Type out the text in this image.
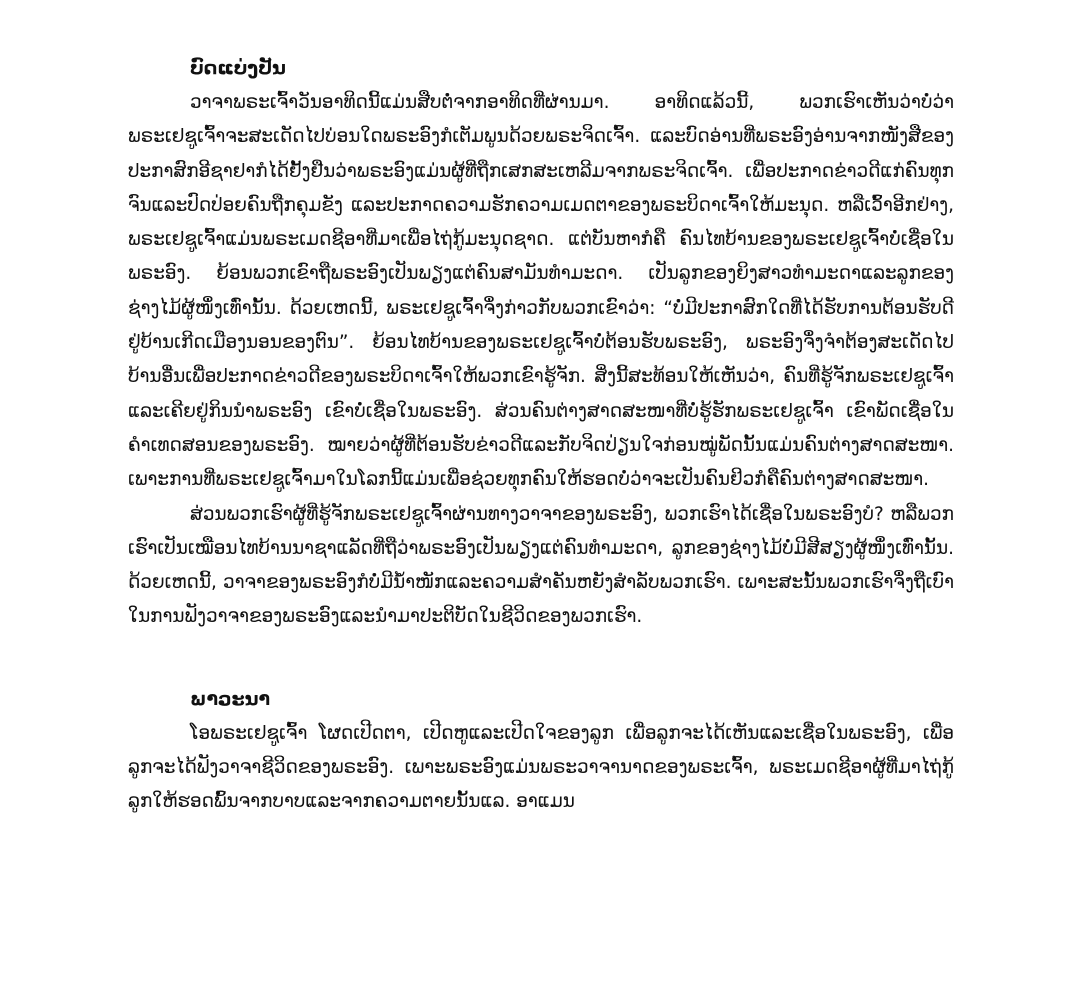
ບົດແບ່ງປັນ

ວາຈາພຣະເຈົ້າວັນອາທິດນີ້ແມ່ນສືບຕໍ່ຈາກອາທິດທີ່ຜ່ານມາ. ອາທິດແລ້ວນີ້, ພວກເຮົາເຫັນວ່າບໍ່ວ່າພຣະເຢຊູເຈົ້າຈະສະເດັດໄປບ່ອນໃດພຣະອົງກໍເຕັມພູນດ້ວຍພຣະຈິດເຈົ້າ. ແລະບົດອ່ານທີ່ພຣະອົງອ່ານຈາກໜັງສືຂອງປະກາສົກອີຊາຢາກໍໄດ້ຢັ້ງຢືນວ່າພຣະອົງແມ່ນຜູ້ທີ່ຖືກເສກສະເຫລີມຈາກພຣະຈິດເຈົ້າ. ເພື່ອປະກາດຂ່າວດີແກ່ຄົນທຸກຈົນແລະປົດປ່ອຍຄົນຖືກຄຸມຂັງ ແລະປະກາດຄວາມຮັກຄວາມເມດຕາຂອງພຣະບິດາເຈົ້າໃຫ້ມະນຸດ. ຫລືເວົ້າອີກຢ່າງ, ພຣະເຢຊູເຈົ້າແມ່ນພຣະເມດຊີອາທີ່ມາເພື່ອໄຖ່ກູ້ມະນຸດຊາດ. ແຕ່ບັນຫາກໍຄື ຄົນໄທບ້ານຂອງພຣະເຢຊູເຈົ້າບໍ່ເຊື່ອໃນພຣະອົງ. ຍ້ອນພວກເຂົາຖືພຣະອົງເປັນພຽງແຕ່ຄົນສາມັນທຳມະດາ. ເປັນລູກຂອງຍິງສາວທຳມະດາແລະລູກຂອງຊ່າງໄມ້ຜູ້ໜຶ່ງເທົ່ານັ້ນ. ດ້ວຍເຫດນີ້, ພຣະເຢຊູເຈົ້າຈຶ່ງກ່າວກັບພວກເຂົາວ່າ: “ບໍ່ມີປະກາສົກໃດທີ່ໄດ້ຮັບການຕ້ອນຮັບດີຢູ່ບ້ານເກີດເມືອງນອນຂອງຕົນ”. ຍ້ອນໄທບ້ານຂອງພຣະເຢຊູເຈົ້າບໍ່ຕ້ອນຮັບພຣະອົງ, ພຣະອົງຈຶ່ງຈຳຕ້ອງສະເດັດໄປບ້ານອື່ນເພື່ອປະກາດຂ່າວດີຂອງພຣະບິດາເຈົ້າໃຫ້ພວກເຂົາຮູ້ຈັກ. ສິ່ງນີ້ສະທ້ອນໃຫ້ເຫັນວ່າ, ຄົນທີ່ຮູ້ຈັກພຣະເຢຊູເຈົ້າແລະເຄີຍຢູ່ກິນນຳພຣະອົງ ເຂົາບໍ່ເຊື່ອໃນພຣະອົງ. ສ່ວນຄົນຕ່າງສາດສະໜາທີ່ບໍ່ຮູ້ຮັກພຣະເຢຊູເຈົ້າ ເຂົາພັດເຊື່ອໃນຄຳເທດສອນຂອງພຣະອົງ. ໝາຍວ່າຜູ້ທີ່ຕ້ອນຮັບຂ່າວດີແລະກັບຈິດປ່ຽນໃຈກ່ອນໝູ່ພັດນັ້ນແມ່ນຄົນຕ່າງສາດສະໜາ. ເພາະການທີ່ພຣະເຢຊູເຈົ້າມາໃນໂລກນີ້ແມ່ນເພື່ອຊ່ວຍທຸກຄົນໃຫ້ຮອດບໍ່ວ່າຈະເປັນຄົນຢິວກໍຄືຄົນຕ່າງສາດສະໜາ.

ສ່ວນພວກເຮົາຜູ້ທີ່ຮູ້ຈັກພຣະເຢຊູເຈົ້າຜ່ານທາງວາຈາຂອງພຣະອົງ, ພວກເຮົາໄດ້ເຊື່ອໃນພຣະອົງບໍ? ຫລືພວກເຮົາເປັນເໝືອນໄທບ້ານນາຊາແລັດທີ່ຖືວ່າພຣະອົງເປັນພຽງແຕ່ຄົນທຳມະດາ, ລູກຂອງຊ່າງໄມ້ບໍ່ມີສີສຽງຜູ້ໜຶ່ງເທົ່ານັ້ນ. ດ້ວຍເຫດນີ້, ວາຈາຂອງພຣະອົງກໍບໍ່ມີນ້ຳໜັກແລະຄວາມສຳຄັນຫຍັງສຳລັບພວກເຮົາ. ເພາະສະນັ້ນພວກເຮົາຈຶ່ງຖືເບົາໃນການຟັງວາຈາຂອງພຣະອົງແລະນຳມາປະຕິບັດໃນຊີວິດຂອງພວກເຮົາ.

ພາວະນາ

ໂອພຣະເຢຊູເຈົ້າ ໂຜດເປີດຕາ, ເປີດຫູແລະເປີດໃຈຂອງລູກ ເພື່ອລູກຈະໄດ້ເຫັນແລະເຊື່ອໃນພຣະອົງ, ເພື່ອລູກຈະໄດ້ຟັງວາຈາຊີວິດຂອງພຣະອົງ. ເພາະພຣະອົງແມ່ນພຣະວາຈານາດຂອງພຣະເຈົ້າ, ພຣະເມດຊີອາຜູ້ທີ່ມາໄຖ່ກູ້ລູກໃຫ້ຮອດພົ້ນຈາກບາບແລະຈາກຄວາມຕາຍນັ້ນແລ. ອາແມນ
